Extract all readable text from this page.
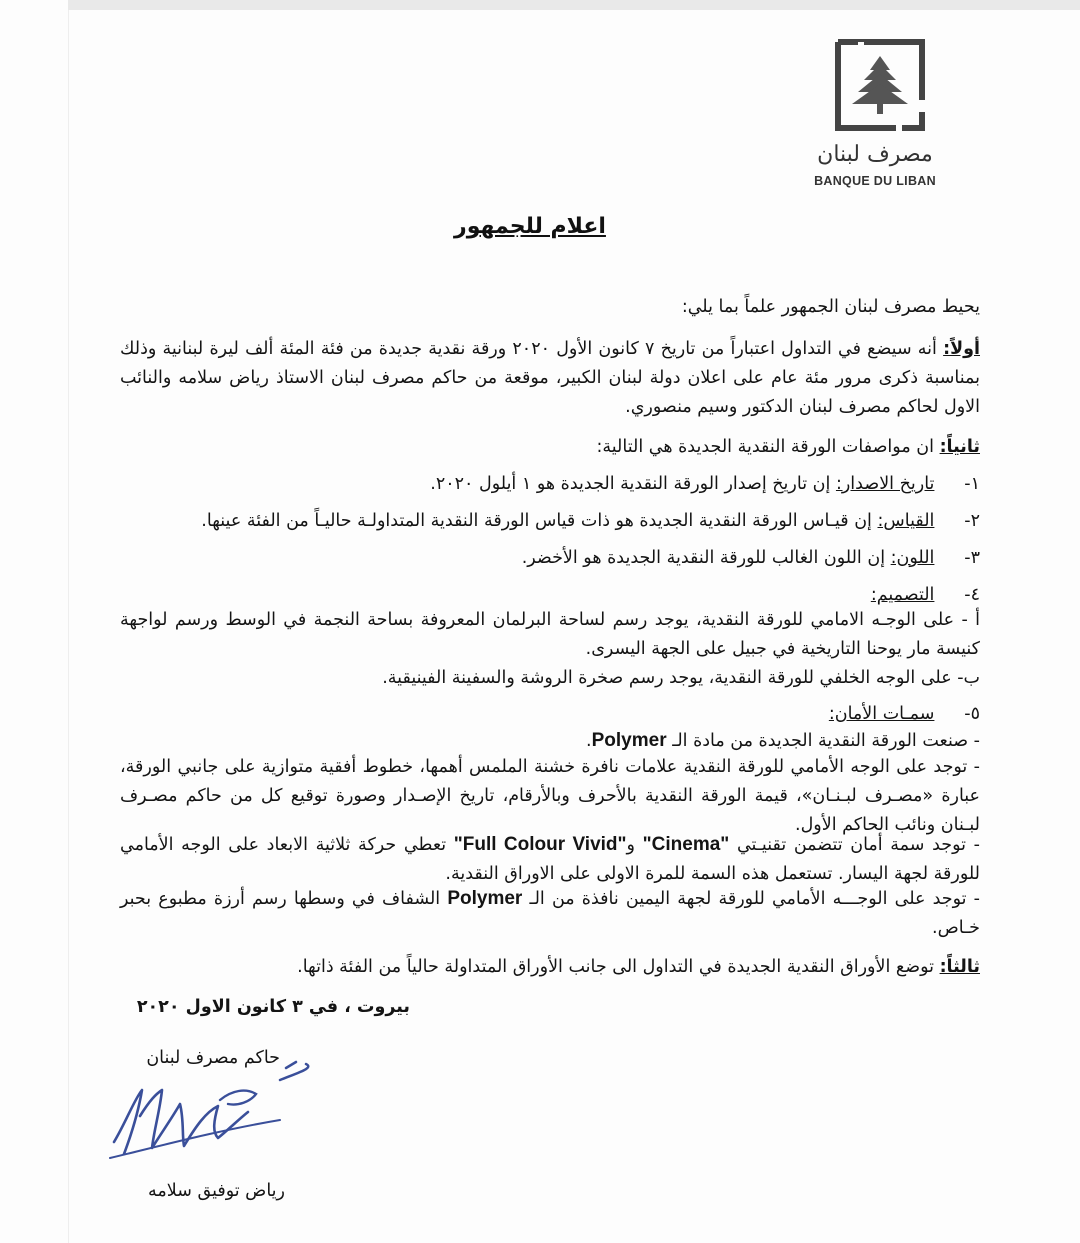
مصرف لبنان
BANQUE DU LIBAN
اعلام للجمهور
يحيط مصرف لبنان الجمهور علماً بما يلي:
أولاً: أنه سيضع في التداول اعتباراً من تاريخ ٧ كانون الأول ٢٠٢٠ ورقة نقدية جديدة من فئة المئة ألف ليرة لبنانية وذلك بمناسبة ذكرى مرور مئة عام على اعلان دولة لبنان الكبير، موقعة من حاكم مصرف لبنان الاستاذ رياض سلامه والنائب الاول لحاكم مصرف لبنان الدكتور وسيم منصوري.
ثانياً: ان مواصفات الورقة النقدية الجديدة هي التالية:
١- تاريخ الاصدار: إن تاريخ إصدار الورقة النقدية الجديدة هو ١ أيلول ٢٠٢٠.
٢- القياس: إن قيـاس الورقة النقدية الجديدة هو ذات قياس الورقة النقدية المتداولـة حاليـاً من الفئة عينها.
٣- اللون: إن اللون الغالب للورقة النقدية الجديدة هو الأخضر.
٤- التصميم:
أ - على الوجـه الامامي للورقة النقدية، يوجد رسم لساحة البرلمان المعروفة بساحة النجمة في الوسط ورسم لواجهة كنيسة مار يوحنا التاريخية في جبيل على الجهة اليسرى.
ب- على الوجه الخلفي للورقة النقدية، يوجد رسم صخرة الروشة والسفينة الفينيقية.
٥- سمـات الأمان:
- صنعت الورقة النقدية الجديدة من مادة الـ Polymer.
- توجد على الوجه الأمامي للورقة النقدية علامات نافرة خشنة الملمس أهمها، خطوط أفقية متوازية على جانبي الورقة، عبارة «مصـرف لبـنـان»، قيمة الورقة النقدية بالأحرف وبالأرقام، تاريخ الإصـدار وصورة توقيع كل من حاكم مصـرف لبـنان ونائب الحاكم الأول.
- توجد سمة أمان تتضمن تقنيـتي "Cinema" و"Full Colour Vivid" تعطي حركة ثلاثية الابعاد على الوجه الأمامي للورقة لجهة اليسار. تستعمل هذه السمة للمرة الاولى على الاوراق النقدية.
- توجد على الوجـــه الأمامي للورقة لجهة اليمين نافذة من الـ Polymer الشفاف في وسطها رسم أرزة مطبوع بحبر خـاص.
ثالثاً: توضع الأوراق النقدية الجديدة في التداول الى جانب الأوراق المتداولة حالياً من الفئة ذاتها.
بيروت ، في ٣ كانون الاول ٢٠٢٠
حاكم مصرف لبنان
رياض توفيق سلامه
